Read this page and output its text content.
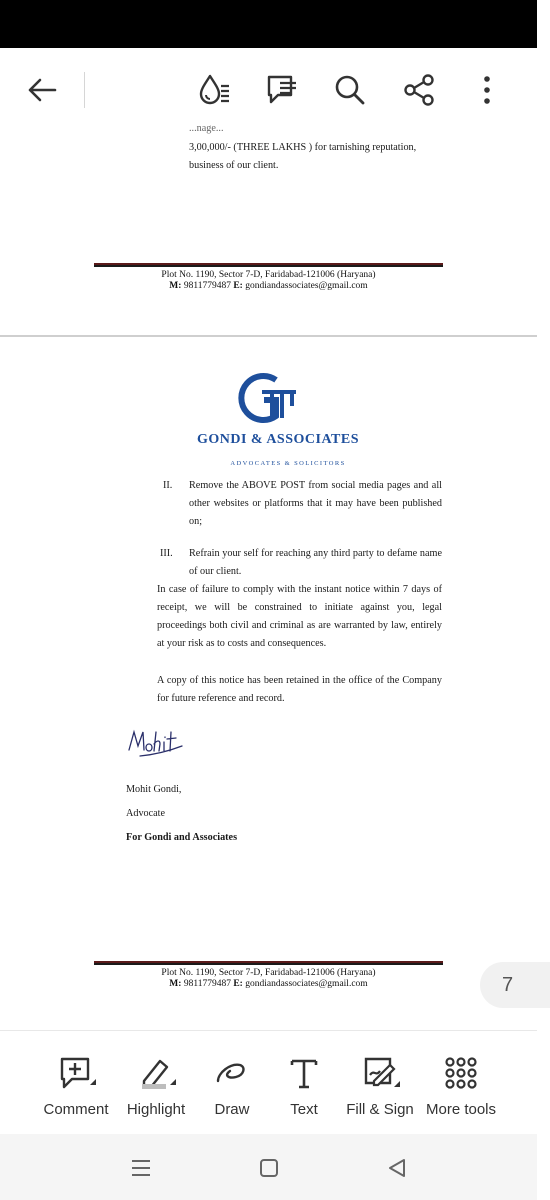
...nage...
3,00,000/- (THREE LAKHS ) for tarnishing reputation,
business of our client.
Plot No. 1190, Sector 7-D, Faridabad-121006 (Haryana)
M: 9811779487 E: gondiandassociates@gmail.com
GONDI & ASSOCIATES
ADVOCATES & SOLICITORS
II. Remove the ABOVE POST from social media pages and all other websites or platforms that it may have been published on;
III. Refrain your self for reaching any third party to defame name of our client.
In case of failure to comply with the instant notice within 7 days of receipt, we will be constrained to initiate against you, legal proceedings both civil and criminal as are warranted by law, entirely at your risk as to costs and consequences.
A copy of this notice has been retained in the office of the Company for future reference and record.
Mohit Gondi,
Advocate
For Gondi and Associates
Plot No. 1190, Sector 7-D, Faridabad-121006 (Haryana)
M: 9811779487 E: gondiandassociates@gmail.com	7
Comment Highlight Draw	Text Fill & Sign More tools
